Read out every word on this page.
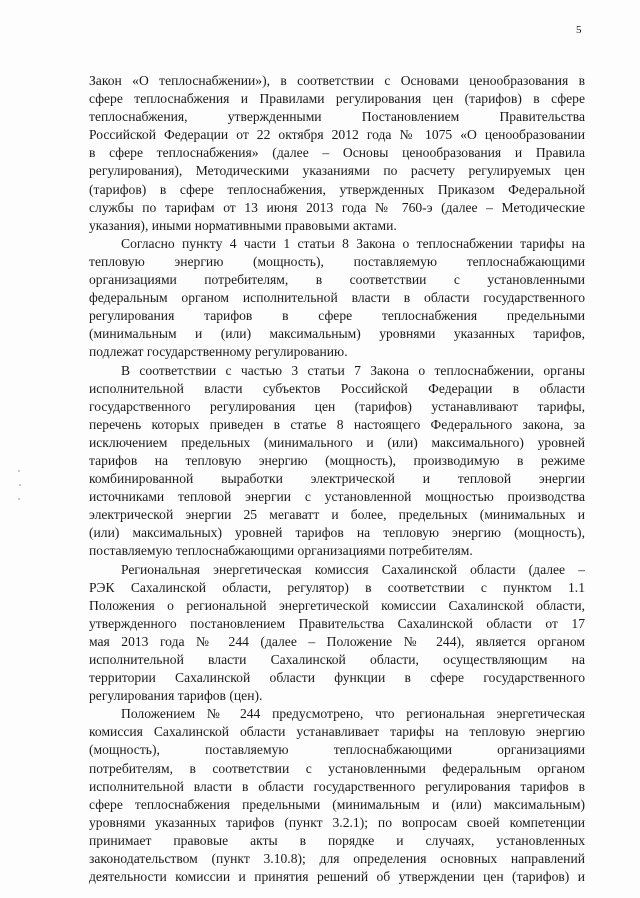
5
Закон «О теплоснабжении»), в соответствии с Основами ценообразования в
сфере теплоснабжения и Правилами регулирования цен (тарифов) в сфере
теплоснабжения, утвержденными Постановлением Правительства
Российской Федерации от 22 октября 2012 года № 1075 «О ценообразовании
в сфере теплоснабжения» (далее – Основы ценообразования и Правила
регулирования), Методическими указаниями по расчету регулируемых цен
(тарифов) в сфере теплоснабжения, утвержденных Приказом Федеральной
службы по тарифам от 13 июня 2013 года № 760-э (далее – Методические
указания), иными нормативными правовыми актами.
Согласно пункту 4 части 1 статьи 8 Закона о теплоснабжении тарифы на
тепловую энергию (мощность), поставляемую теплоснабжающими
организациями потребителям, в соответствии с установленными
федеральным органом исполнительной власти в области государственного
регулирования тарифов в сфере теплоснабжения предельными
(минимальным и (или) максимальным) уровнями указанных тарифов,
подлежат государственному регулированию.
В соответствии с частью 3 статьи 7 Закона о теплоснабжении, органы
исполнительной власти субъектов Российской Федерации в области
государственного регулирования цен (тарифов) устанавливают тарифы,
перечень которых приведен в статье 8 настоящего Федерального закона, за
исключением предельных (минимального и (или) максимального) уровней
тарифов на тепловую энергию (мощность), производимую в режиме
комбинированной выработки электрической и тепловой энергии
источниками тепловой энергии с установленной мощностью производства
электрической энергии 25 мегаватт и более, предельных (минимальных и
(или) максимальных) уровней тарифов на тепловую энергию (мощность),
поставляемую теплоснабжающими организациями потребителям.
Региональная энергетическая комиссия Сахалинской области (далее –
РЭК Сахалинской области, регулятор) в соответствии с пунктом 1.1
Положения о региональной энергетической комиссии Сахалинской области,
утвержденного постановлением Правительства Сахалинской области от 17
мая 2013 года № 244 (далее – Положение № 244), является органом
исполнительной власти Сахалинской области, осуществляющим на
территории Сахалинской области функции в сфере государственного
регулирования тарифов (цен).
Положением № 244 предусмотрено, что региональная энергетическая
комиссия Сахалинской области устанавливает тарифы на тепловую энергию
(мощность), поставляемую теплоснабжающими организациями
потребителям, в соответствии с установленными федеральным органом
исполнительной власти в области государственного регулирования тарифов в
сфере теплоснабжения предельными (минимальным и (или) максимальным)
уровнями указанных тарифов (пункт 3.2.1); по вопросам своей компетенции
принимает правовые акты в порядке и случаях, установленных
законодательством (пункт 3.10.8); для определения основных направлений
деятельности комиссии и принятия решений об утверждении цен (тарифов) и
